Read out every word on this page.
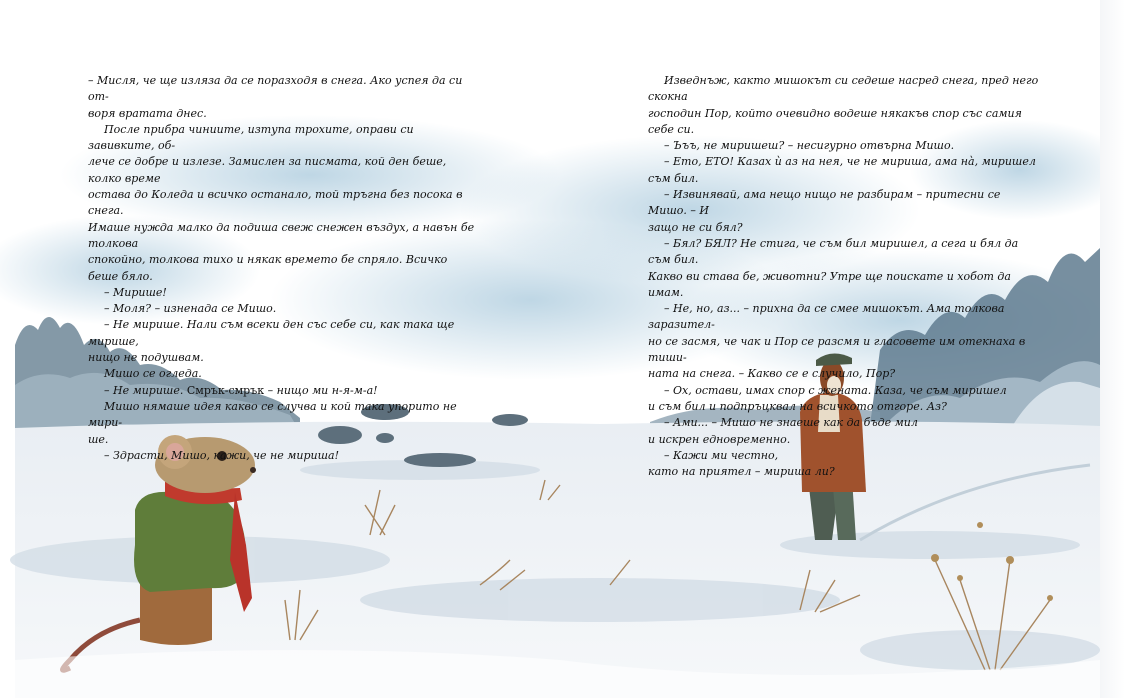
– Мисля, че ще изляза да се поразходя в снега. Ако успея да си от-

воря вратата днес.

После прибра чиниите, изтупа трохите, оправи си завивките, об-

лече се добре и излезе. Замислен за писмата, кой ден беше, колко време

остава до Коледа и всичко останало, той тръгна без посока в снега.

Имаше нужда малко да подиша свеж снежен въздух, а навън бе толкова

спокойно, толкова тихо и някак времето бе спряло. Всичко беше бяло.

– Мирише!

– Моля? – изненада се Мишо.

– Не мирише. Нали съм всеки ден със себе си, как така ще мирише,

нищо не подушвам.

Мишо се огледа.

– Не мирише. Смрък-смрък – нищо ми н-я-м-а!

Мишо нямаше идея какво се случва и кой така упорито не мири-

ше.

– Здрасти, Мишо, кажи, че не мириша!

Изведнъж, както мишокът си седеше насред снега, пред него скокна

господин Пор, който очевидно водеше някакъв спор със самия себе си.

– Ъъъ, не миришеш? – несигурно отвърна Мишо.

– Ето, ЕТО! Казах ѝ аз на нея, че не мириша, ама нà, миришел съм бил.

– Извинявай, ама нещо нищо не разбирам – притесни се Мишо. – И

защо не си бял?

– Бял? БЯЛ? Не стига, че съм бил миришел, а сега и бял да съм бил.

Какво ви става бе, животни? Утре ще поискате и хобот да имам.

– Не, но, аз... – прихна да се смее мишокът. Ама толкова заразител-

но се засмя, че чак и Пор се разсмя и гласовете им отекнаха в тиши-

ната на снега. – Какво се е случило, Пор?

– Ох, остави, имах спор с жената. Каза, че съм миришел

и съм бил и подпръцквал на всичкото отгоре. Аз?

– Ами... – Мишо не знаеше как да бъде мил

и искрен едновременно.

– Кажи ми честно,

като на приятел – мириша ли?
